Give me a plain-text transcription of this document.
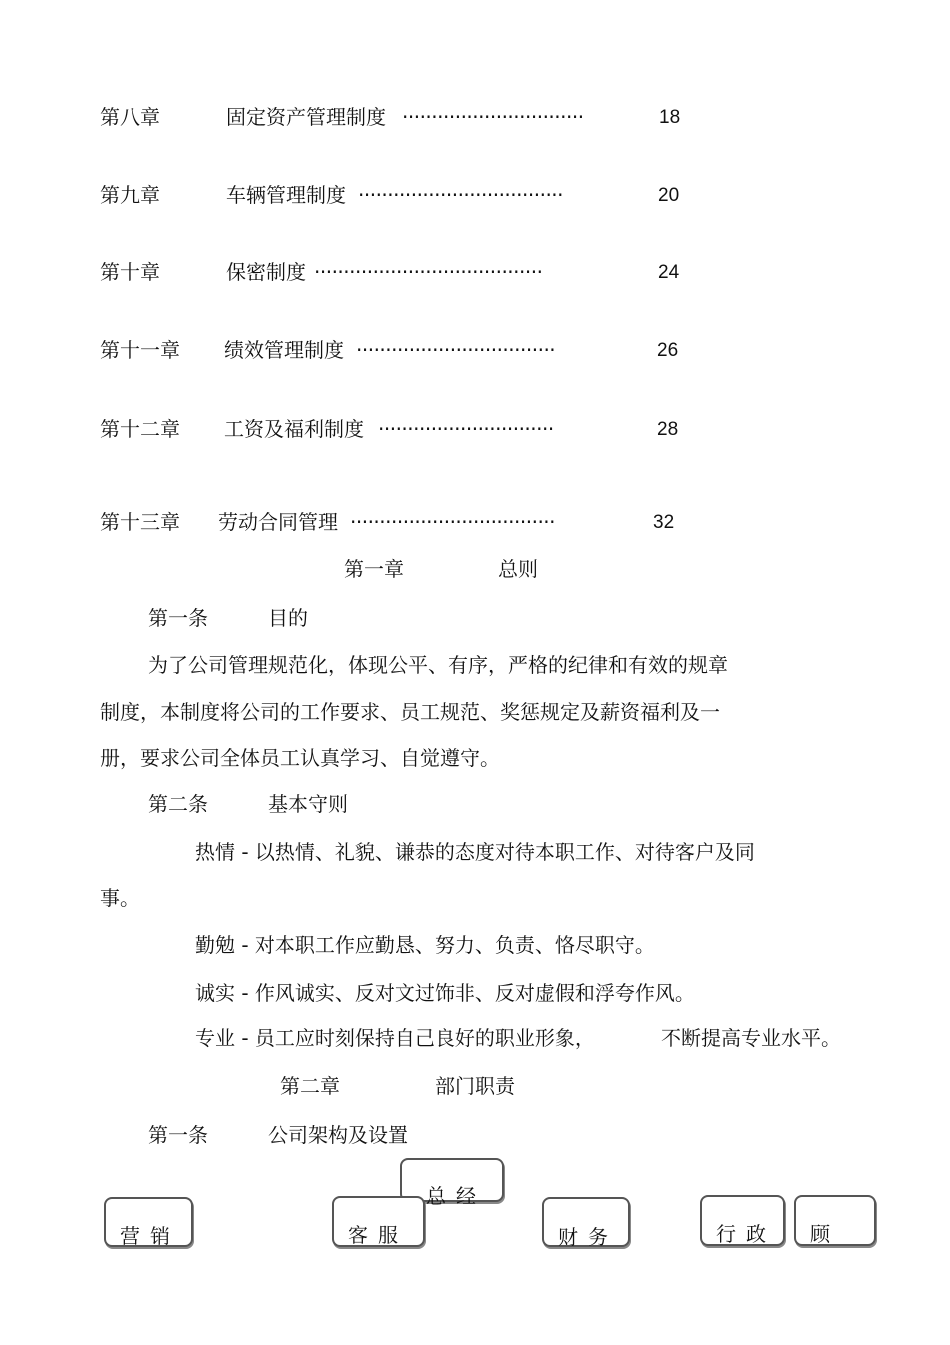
第八章	固定资产管理制度 ·······························	18
第九章	车辆管理制度 ···································	20
第十章	保密制度 ·······································	24
第十一章 绩效管理制度 ··································	26
第十二章 工资及福利制度 ······························	28
第十三章 劳动合同管理 ···································	32
第一章	总则
第一条	目的
为了公司管理规范化，体现公平、有序，严格的纪律和有效的规章
制度，本制度将公司的工作要求、员工规范、奖惩规定及薪资福利及一
册，要求公司全体员工认真学习、自觉遵守。
第二条	基本守则
热情 - 以热情、礼貌、谦恭的态度对待本职工作、对待客户及同
事。
勤勉 - 对本职工作应勤恳、努力、负责、恪尽职守。
诚实 - 作风诚实、反对文过饰非、反对虚假和浮夸作风。
专业 - 员工应时刻保持自己良好的职业形象，	不断提高专业水平。
第二章	部门职责
第一条	公司架构及设置
总经
营销	客服	财务	行政 顾
